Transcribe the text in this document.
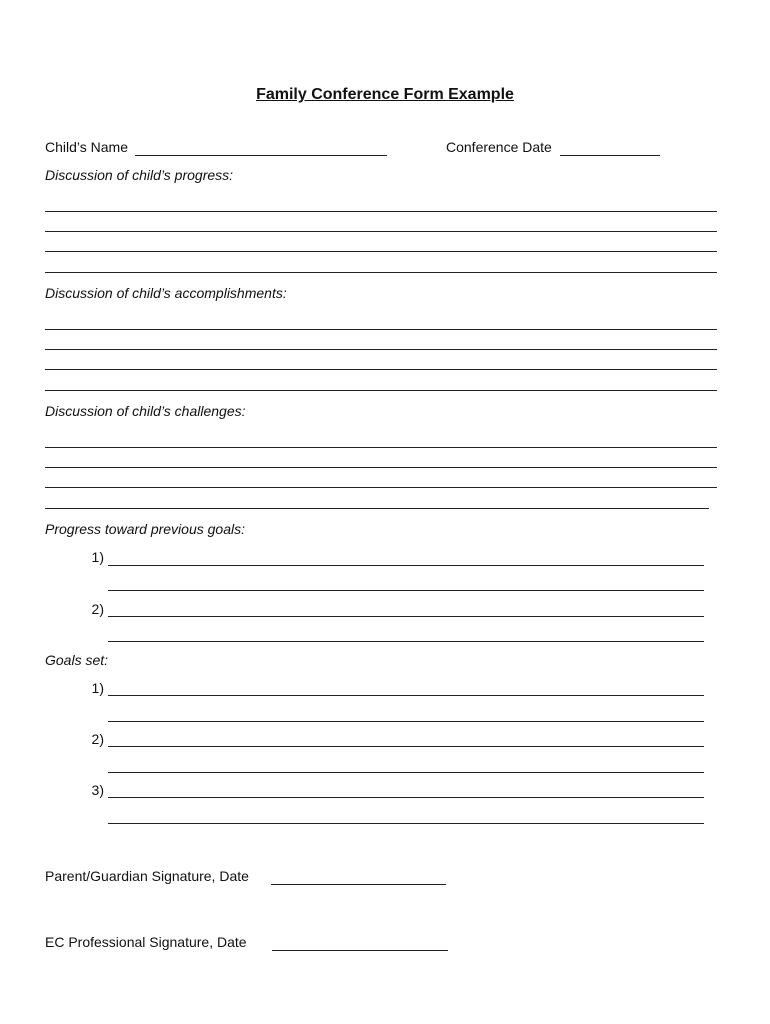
Family Conference Form Example
Child’s Name	Conference Date
Discussion of child’s progress:
Discussion of child’s accomplishments:
Discussion of child’s challenges:
Progress toward previous goals:
1)
2)
Goals set:
1)
2)
3)
Parent/Guardian Signature, Date
EC Professional Signature, Date
